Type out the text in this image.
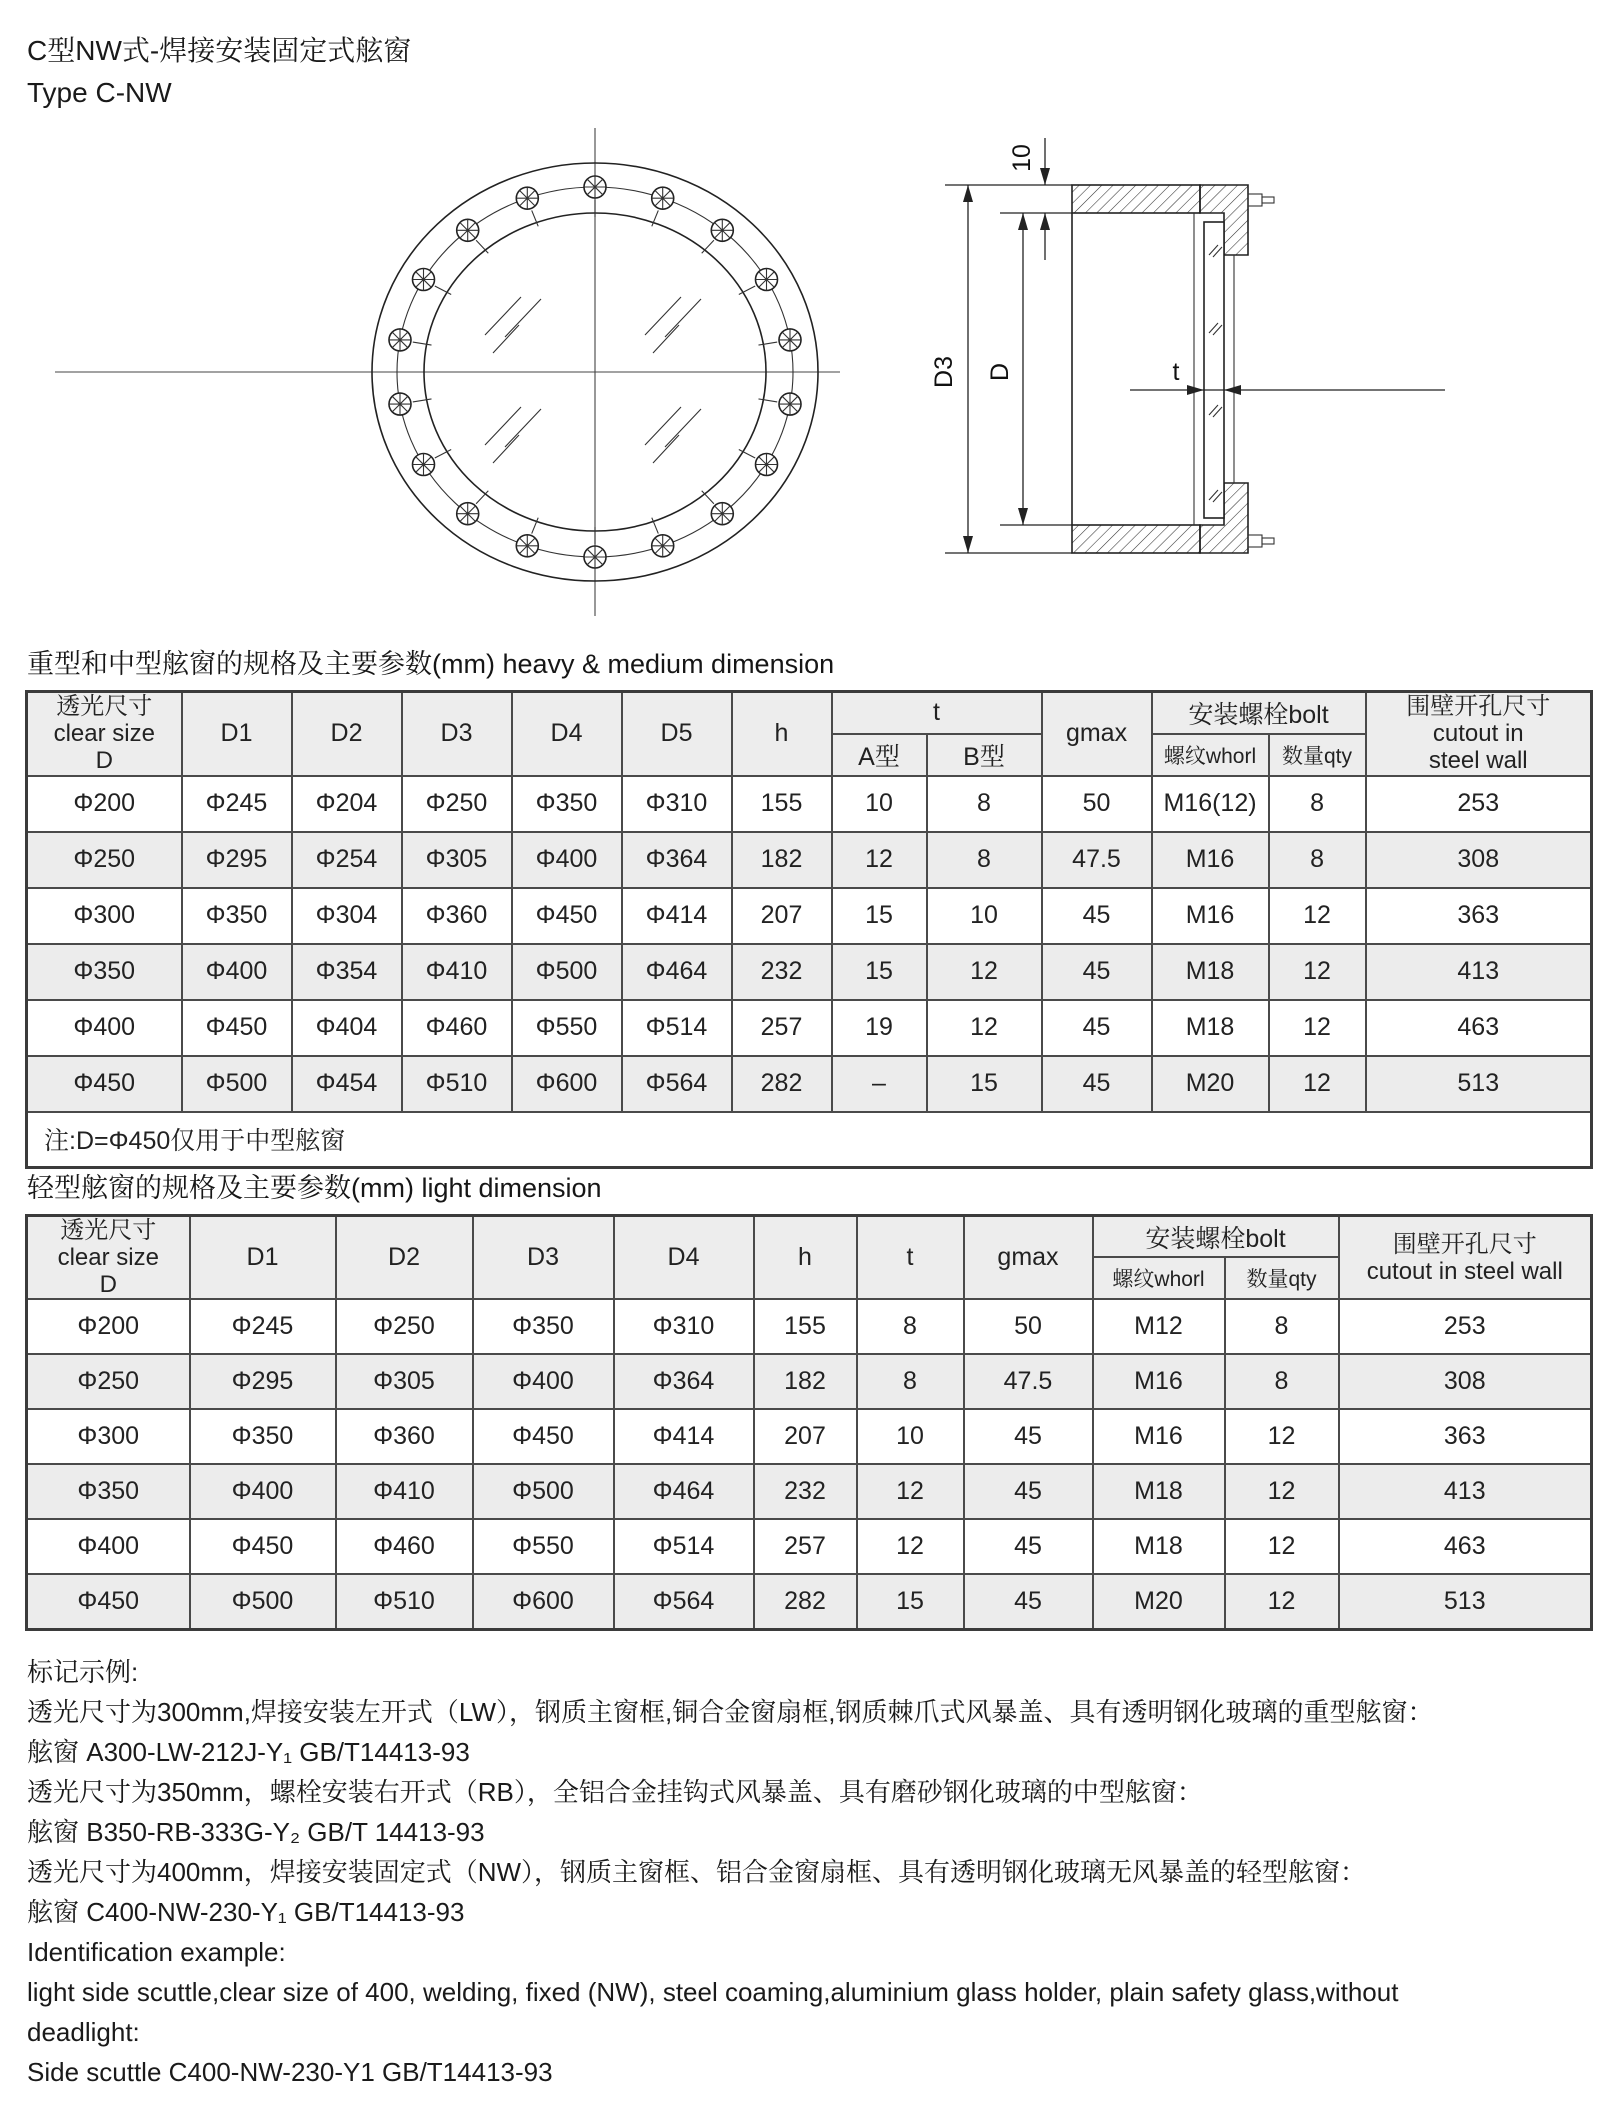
C型NW式-焊接安装固定式舷窗
Type C-NW
D3 D
10
t
重型和中型舷窗的规格及主要参数(mm) heavy & medium dimension
透光尺寸
clear size
D
	D1	D2	D3	D4	D5	h	t	gmax	安装螺栓bolt	围壁开孔尺寸
cutout in
steel wall

							A型	B型		螺纹whorl	数量qty	
Φ200	Φ245	Φ204	Φ250	Φ350	Φ310	155	10	8	50	M16(12)	8	253
Φ250	Φ295	Φ254	Φ305	Φ400	Φ364	182	12	8	47.5	M16	8	308
Φ300	Φ350	Φ304	Φ360	Φ450	Φ414	207	15	10	45	M16	12	363
Φ350	Φ400	Φ354	Φ410	Φ500	Φ464	232	15	12	45	M18	12	413
Φ400	Φ450	Φ404	Φ460	Φ550	Φ514	257	19	12	45	M18	12	463
Φ450	Φ500	Φ454	Φ510	Φ600	Φ564	282	–	15	45	M20	12	513
注:D=Φ450仅用于中型舷窗												
轻型舷窗的规格及主要参数(mm) light dimension
透光尺寸
clear size
D
	D1	D2	D3	D4	h	t	gmax	安装螺栓bolt	围壁开孔尺寸
cutout in steel wall

								螺纹whorl	数量qty	
Φ200	Φ245	Φ250	Φ350	Φ310	155	8	50	M12	8	253
Φ250	Φ295	Φ305	Φ400	Φ364	182	8	47.5	M16	8	308
Φ300	Φ350	Φ360	Φ450	Φ414	207	10	45	M16	12	363
Φ350	Φ400	Φ410	Φ500	Φ464	232	12	45	M18	12	413
Φ400	Φ450	Φ460	Φ550	Φ514	257	12	45	M18	12	463
Φ450	Φ500	Φ510	Φ600	Φ564	282	15	45	M20	12	513
标记示例:
透光尺寸为300mm,焊接安装左开式（LW），钢质主窗框,铜合金窗扇框,钢质棘爪式风暴盖、具有透明钢化玻璃的重型舷窗：
舷窗 A300-LW-212J-Y₁ GB/T14413-93
透光尺寸为350mm，螺栓安装右开式（RB），全铝合金挂钩式风暴盖、具有磨砂钢化玻璃的中型舷窗：
舷窗 B350-RB-333G-Y₂ GB/T 14413-93
透光尺寸为400mm，焊接安装固定式（NW），钢质主窗框、铝合金窗扇框、具有透明钢化玻璃无风暴盖的轻型舷窗：
舷窗 C400-NW-230-Y₁ GB/T14413-93
Identification example:
light side scuttle,clear size of 400, welding, fixed (NW), steel coaming,aluminium glass holder, plain safety glass,without
deadlight:
Side scuttle C400-NW-230-Y1 GB/T14413-93
